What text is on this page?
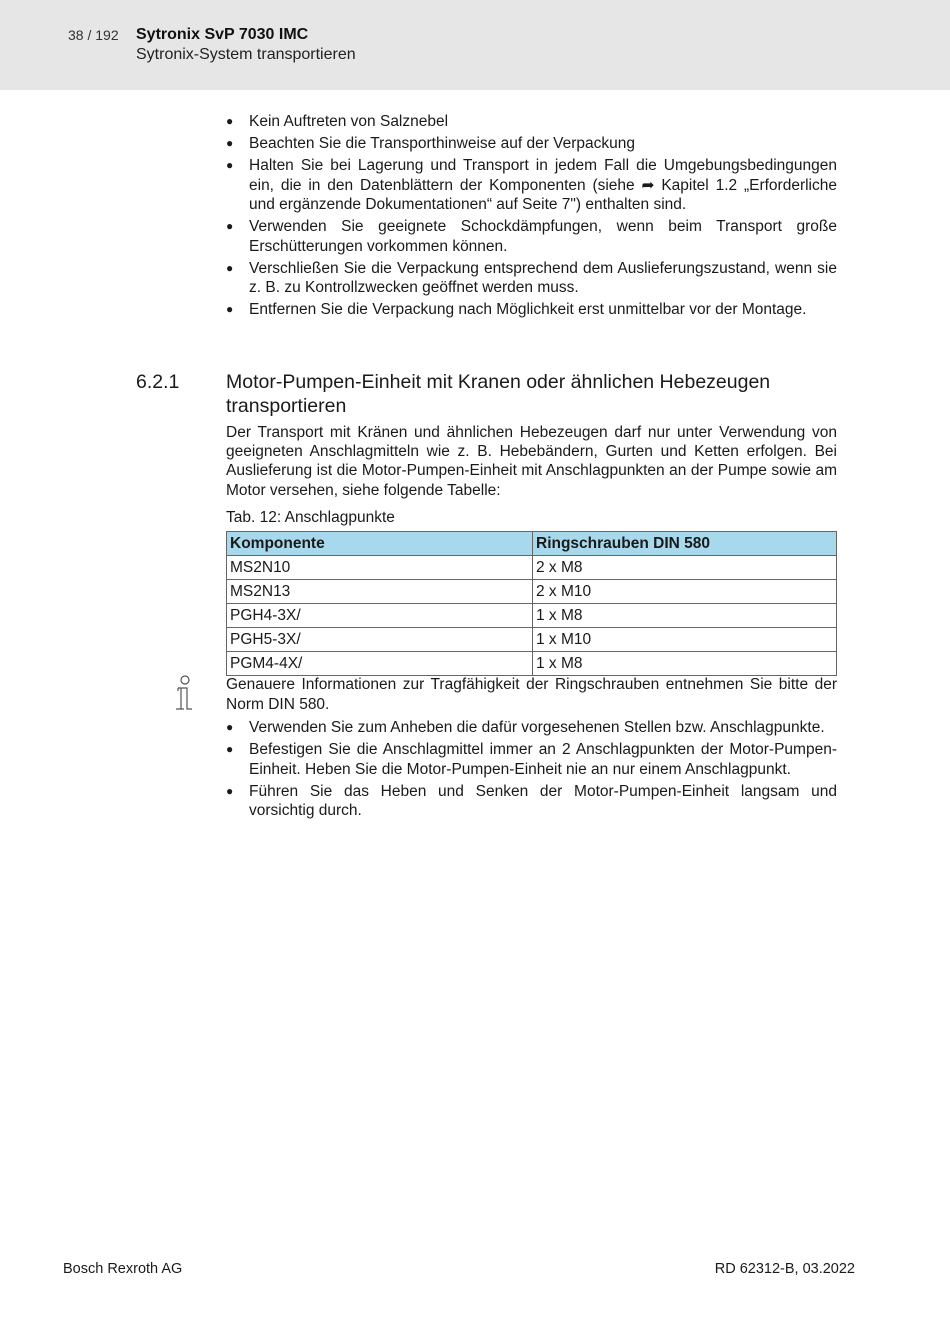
38 / 192 Sytronix SvP 7030 IMC
Sytronix-System transportieren
● Kein Auftreten von Salznebel
● Beachten Sie die Transporthinweise auf der Verpackung
● Halten Sie bei Lagerung und Transport in jedem Fall die Umgebungsbedingungen ein, die in den Datenblättern der Komponenten (siehe ➦ Kapitel 1.2 „Erforderliche und ergänzende Dokumentationen“ auf Seite 7") enthalten sind.
● Verwenden Sie geeignete Schockdämpfungen, wenn beim Transport große Erschütterungen vorkommen können.
● Verschließen Sie die Verpackung entsprechend dem Auslieferungszustand, wenn sie z. B. zu Kontrollzwecken geöffnet werden muss.
● Entfernen Sie die Verpackung nach Möglichkeit erst unmittelbar vor der Montage.
6.2.1 Motor-Pumpen-Einheit mit Kranen oder ähnlichen Hebezeugen transportieren

Der Transport mit Kränen und ähnlichen Hebezeugen darf nur unter Verwendung von geeigneten Anschlagmitteln wie z. B. Hebebändern, Gurten und Ketten erfolgen. Bei Auslieferung ist die Motor-Pumpen-Einheit mit Anschlagpunkten an der Pumpe sowie am Motor versehen, siehe folgende Tabelle:

Tab. 12: Anschlagpunkte
Komponente	Ringschrauben DIN 580
MS2N10	2 x M8
MS2N13	2 x M10
PGH4-3X/	1 x M8
PGH5-3X/	1 x M10
PGM4-4X/	1 x M8

Genauere Informationen zur Tragfähigkeit der Ringschrauben entnehmen Sie bitte der Norm DIN 580.

● Verwenden Sie zum Anheben die dafür vorgesehenen Stellen bzw. Anschlagpunkte.
● Befestigen Sie die Anschlagmittel immer an 2 Anschlagpunkten der Motor-Pumpen-Einheit. Heben Sie die Motor-Pumpen-Einheit nie an nur einem Anschlagpunkt.
● Führen Sie das Heben und Senken der Motor-Pumpen-Einheit langsam und vorsichtig durch.
Bosch Rexroth AG	RD 62312-B, 03.2022
